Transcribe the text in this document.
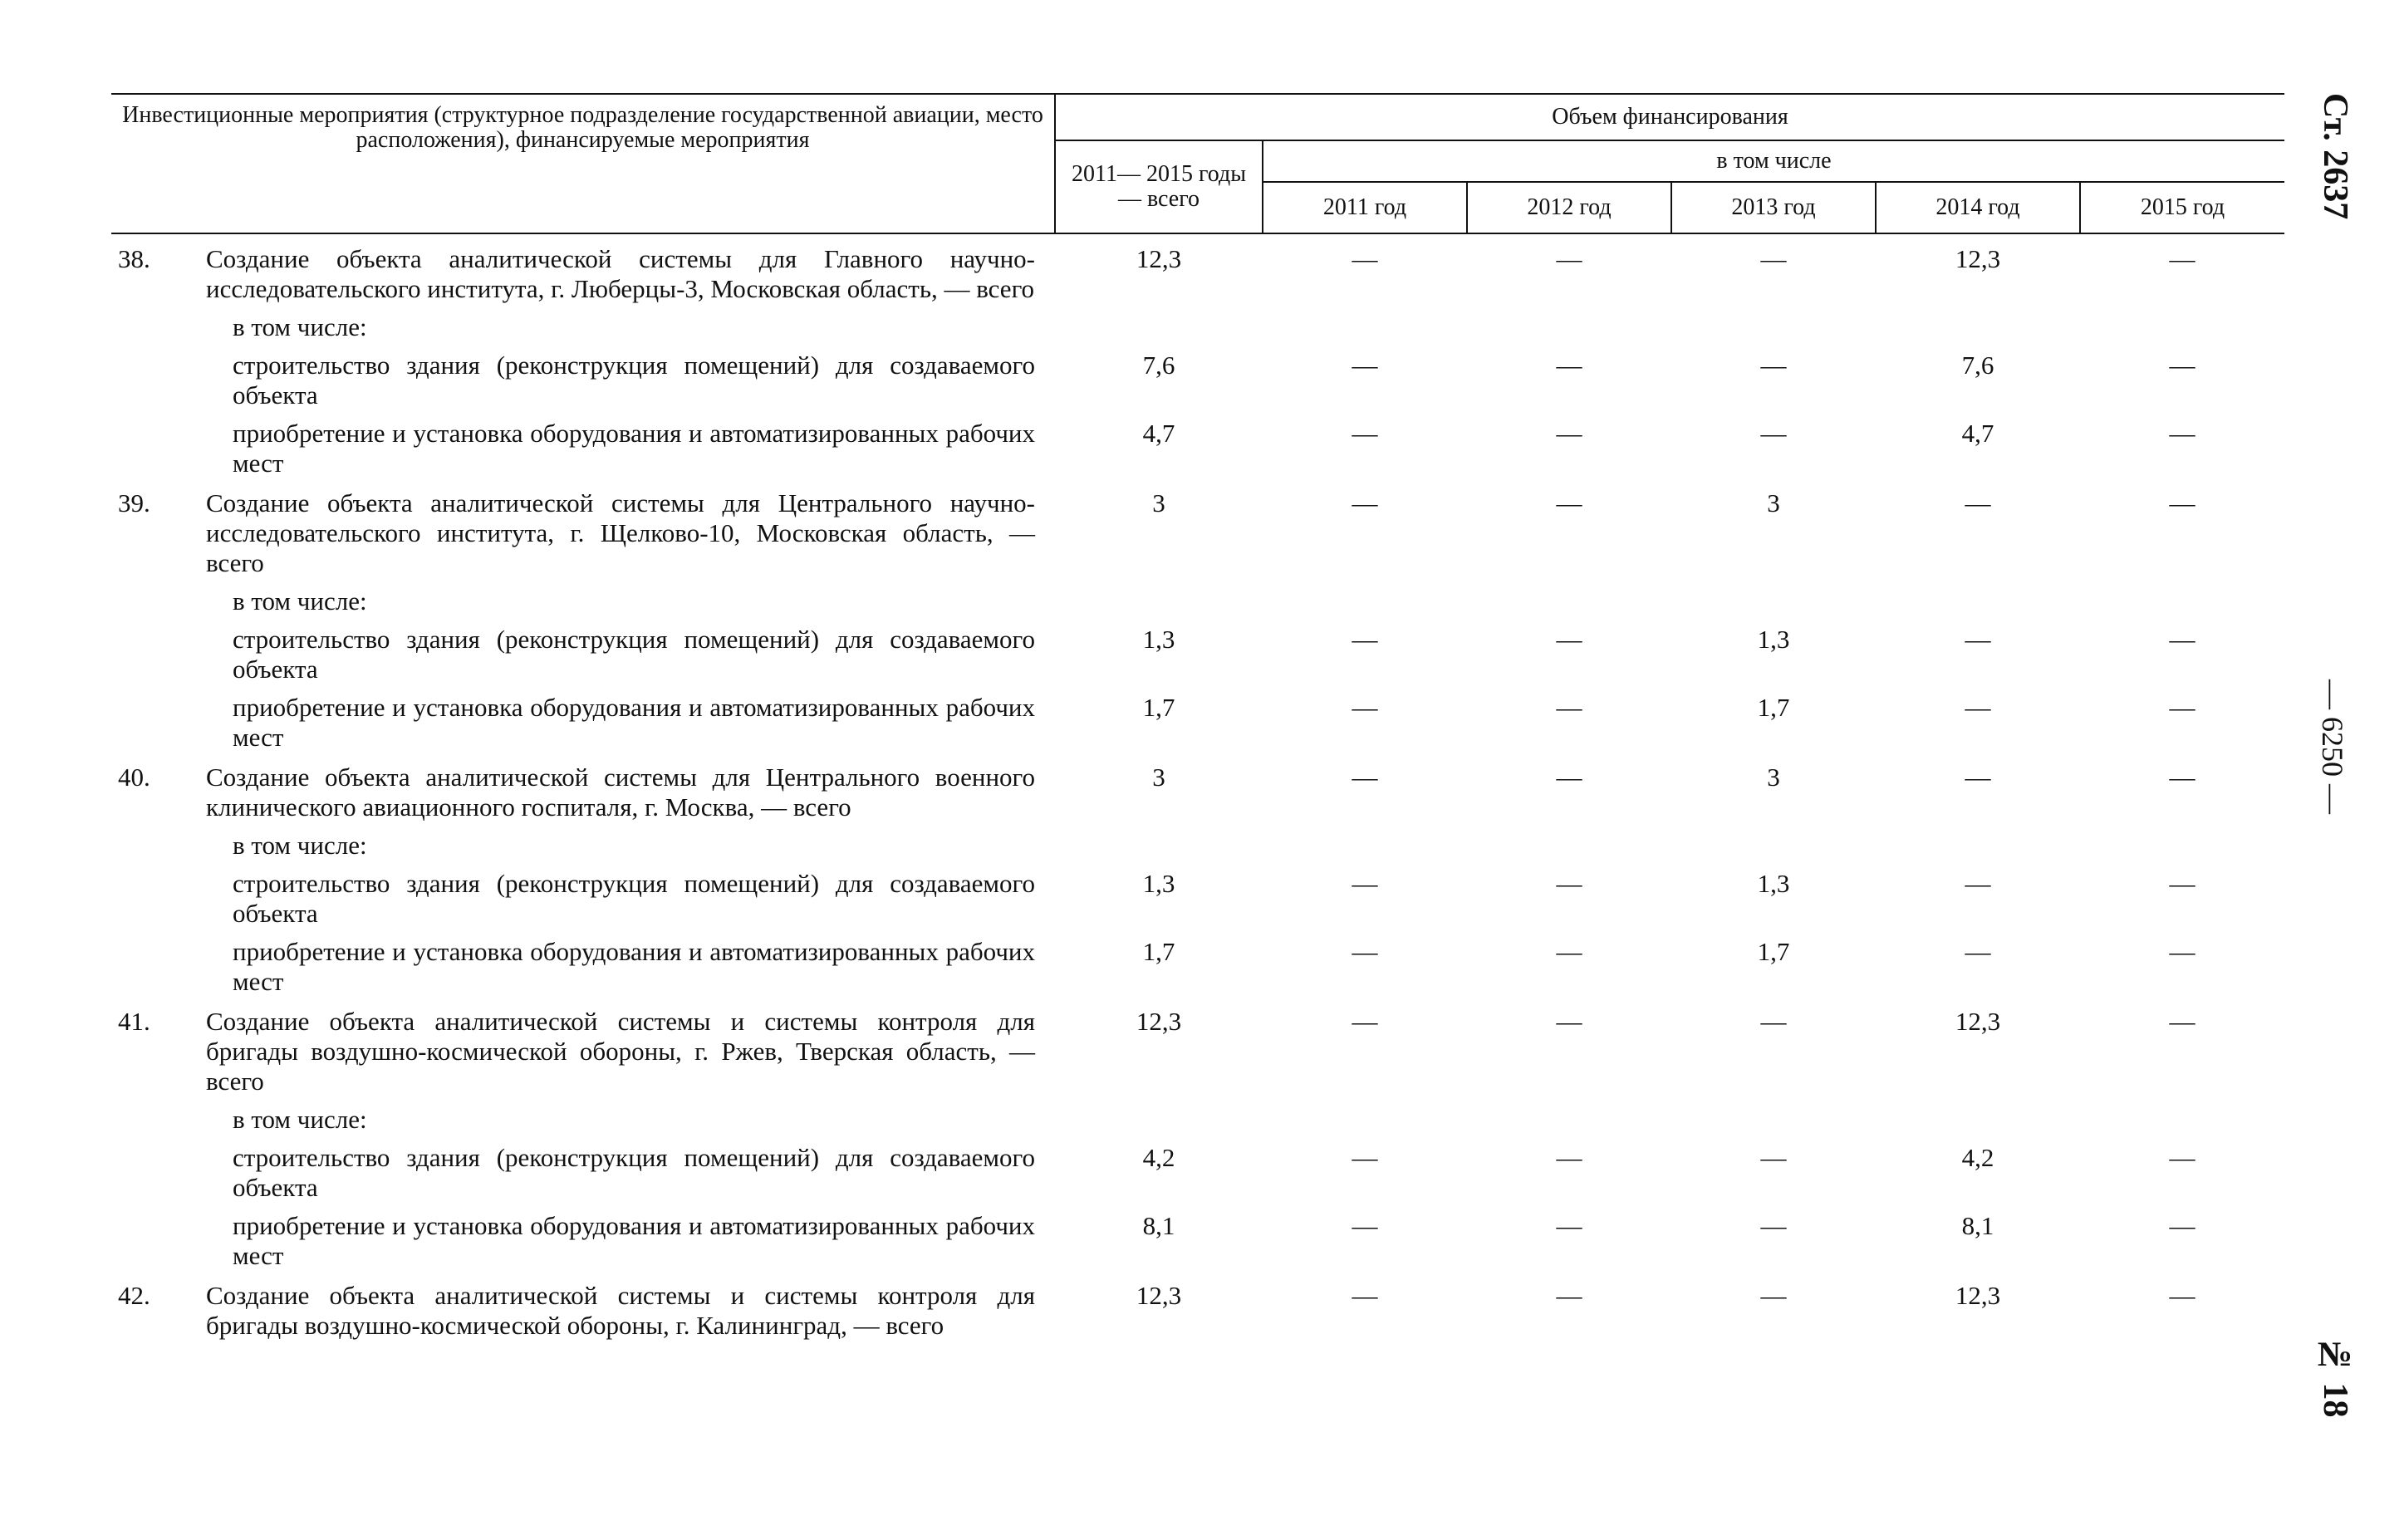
Инвестиционные мероприятия (структурное подразделение государственной авиации, место расположения), финансируемые мероприятия		Объем финансирования					
		2011— 2015 годы — всего	в том числе				
			2011 год	2012 год	2013 год	2014 год	2015 год
38.	Создание объекта аналитической системы для Главного научно-исследовательского института, г. Люберцы-3, Московская область, — всего	12,3	—	—	—	12,3	—
	в том числе:						
	строительство здания (реконструкция помещений) для создаваемого объекта	7,6	—	—	—	7,6	—
	приобретение и установка оборудования и автоматизированных рабочих мест	4,7	—	—	—	4,7	—
39.	Создание объекта аналитической системы для Центрального научно-исследовательского института, г. Щелково-10, Московская область, — всего	3	—	—	3	—	—
	в том числе:						
	строительство здания (реконструкция помещений) для создаваемого объекта	1,3	—	—	1,3	—	—
	приобретение и установка оборудования и автоматизированных рабочих мест	1,7	—	—	1,7	—	—
40.	Создание объекта аналитической системы для Центрального военного клинического авиационного госпиталя, г. Москва, — всего	3	—	—	3	—	—
	в том числе:						
	строительство здания (реконструкция помещений) для создаваемого объекта	1,3	—	—	1,3	—	—
	приобретение и установка оборудования и автоматизированных рабочих мест	1,7	—	—	1,7	—	—
41.	Создание объекта аналитической системы и системы контроля для бригады воздушно-космической обороны, г. Ржев, Тверская область, — всего	12,3	—	—	—	12,3	—
	в том числе:						
	строительство здания (реконструкция помещений) для создаваемого объекта	4,2	—	—	—	4,2	—
	приобретение и установка оборудования и автоматизированных рабочих мест	8,1	—	—	—	8,1	—
42.	Создание объекта аналитической системы и системы контроля для бригады воздушно-космической обороны, г. Калининград, — всего	12,3	—	—	—	12,3	—
Ст. 2637
— 6250 —
№ 18
